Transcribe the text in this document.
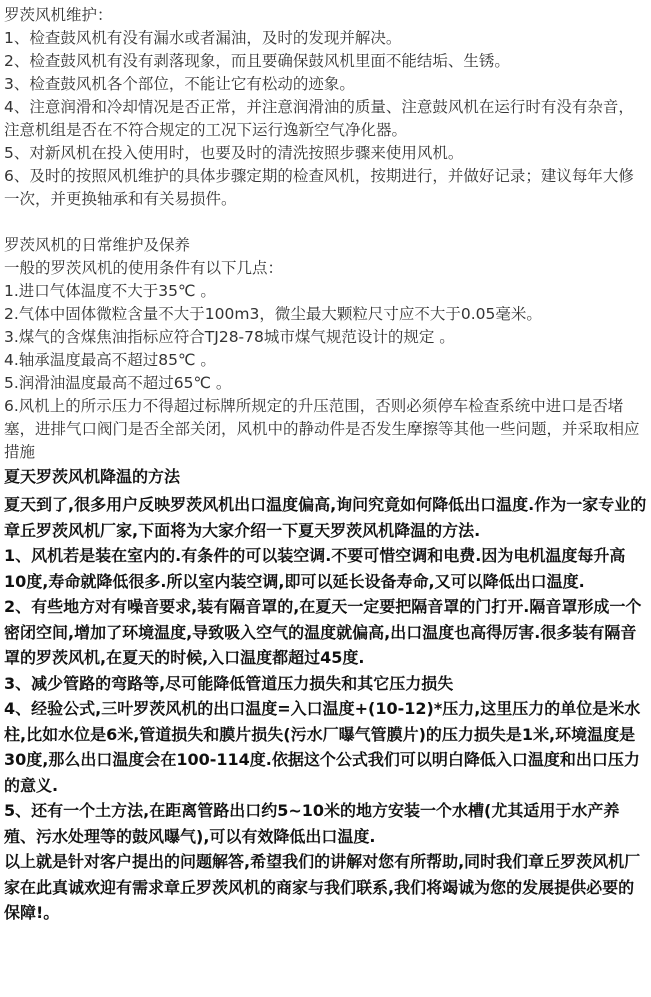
罗茨风机维护：

1、检查鼓风机有没有漏水或者漏油，及时的发现并解决。

2、检查鼓风机有没有剥落现象，而且要确保鼓风机里面不能结垢、生锈。

3、检查鼓风机各个部位，不能让它有松动的迹象。

4、注意润滑和冷却情况是否正常，并注意润滑油的质量、注意鼓风机在运行时有没有杂音，注意机组是否在不符合规定的工况下运行逸新空气净化器。

5、对新风机在投入使用时，也要及时的清洗按照步骤来使用风机。

6、及时的按照风机维护的具体步骤定期的检查风机，按期进行，并做好记录；建议每年大修一次，并更换轴承和有关易损件。

罗茨风机的日常维护及保养

一般的罗茨风机的使用条件有以下几点：

1.进口气体温度不大于35℃ 。

2.气体中固体微粒含量不大于100m3，微尘最大颗粒尺寸应不大于0.05毫米。

3.煤气的含煤焦油指标应符合TJ28-78城市煤气规范设计的规定 。

4.轴承温度最高不超过85℃ 。

5.润滑油温度最高不超过65℃ 。

6.风机上的所示压力不得超过标牌所规定的升压范围，否则必须停车检查系统中进口是否堵塞，进排气口阀门是否全部关闭，风机中的静动件是否发生摩擦等其他一些问题，并采取相应措施

夏天罗茨风机降温的方法

夏天到了,很多用户反映罗茨风机出口温度偏高,询问究竟如何降低出口温度.作为一家专业的章丘罗茨风机厂家,下面将为大家介绍一下夏天罗茨风机降温的方法.

1、风机若是装在室内的.有条件的可以装空调.不要可惜空调和电费.因为电机温度每升高10度,寿命就降低很多.所以室内装空调,即可以延长设备寿命,又可以降低出口温度.

2、有些地方对有噪音要求,装有隔音罩的,在夏天一定要把隔音罩的门打开.隔音罩形成一个密闭空间,增加了环境温度,导致吸入空气的温度就偏高,出口温度也高得厉害.很多装有隔音罩的罗茨风机,在夏天的时候,入口温度都超过45度.

3、减少管路的弯路等,尽可能降低管道压力损失和其它压力损失

4、经验公式,三叶罗茨风机的出口温度=入口温度+(10-12)*压力,这里压力的单位是米水柱,比如水位是6米,管道损失和膜片损失(污水厂曝气管膜片)的压力损失是1米,环境温度是30度,那么出口温度会在100-114度.依据这个公式我们可以明白降低入口温度和出口压力的意义.

5、还有一个土方法,在距离管路出口约5~10米的地方安装一个水槽(尤其适用于水产养殖、污水处理等的鼓风曝气),可以有效降低出口温度.

以上就是针对客户提出的问题解答,希望我们的讲解对您有所帮助,同时我们章丘罗茨风机厂家在此真诚欢迎有需求章丘罗茨风机的商家与我们联系,我们将竭诚为您的发展提供必要的保障!。
